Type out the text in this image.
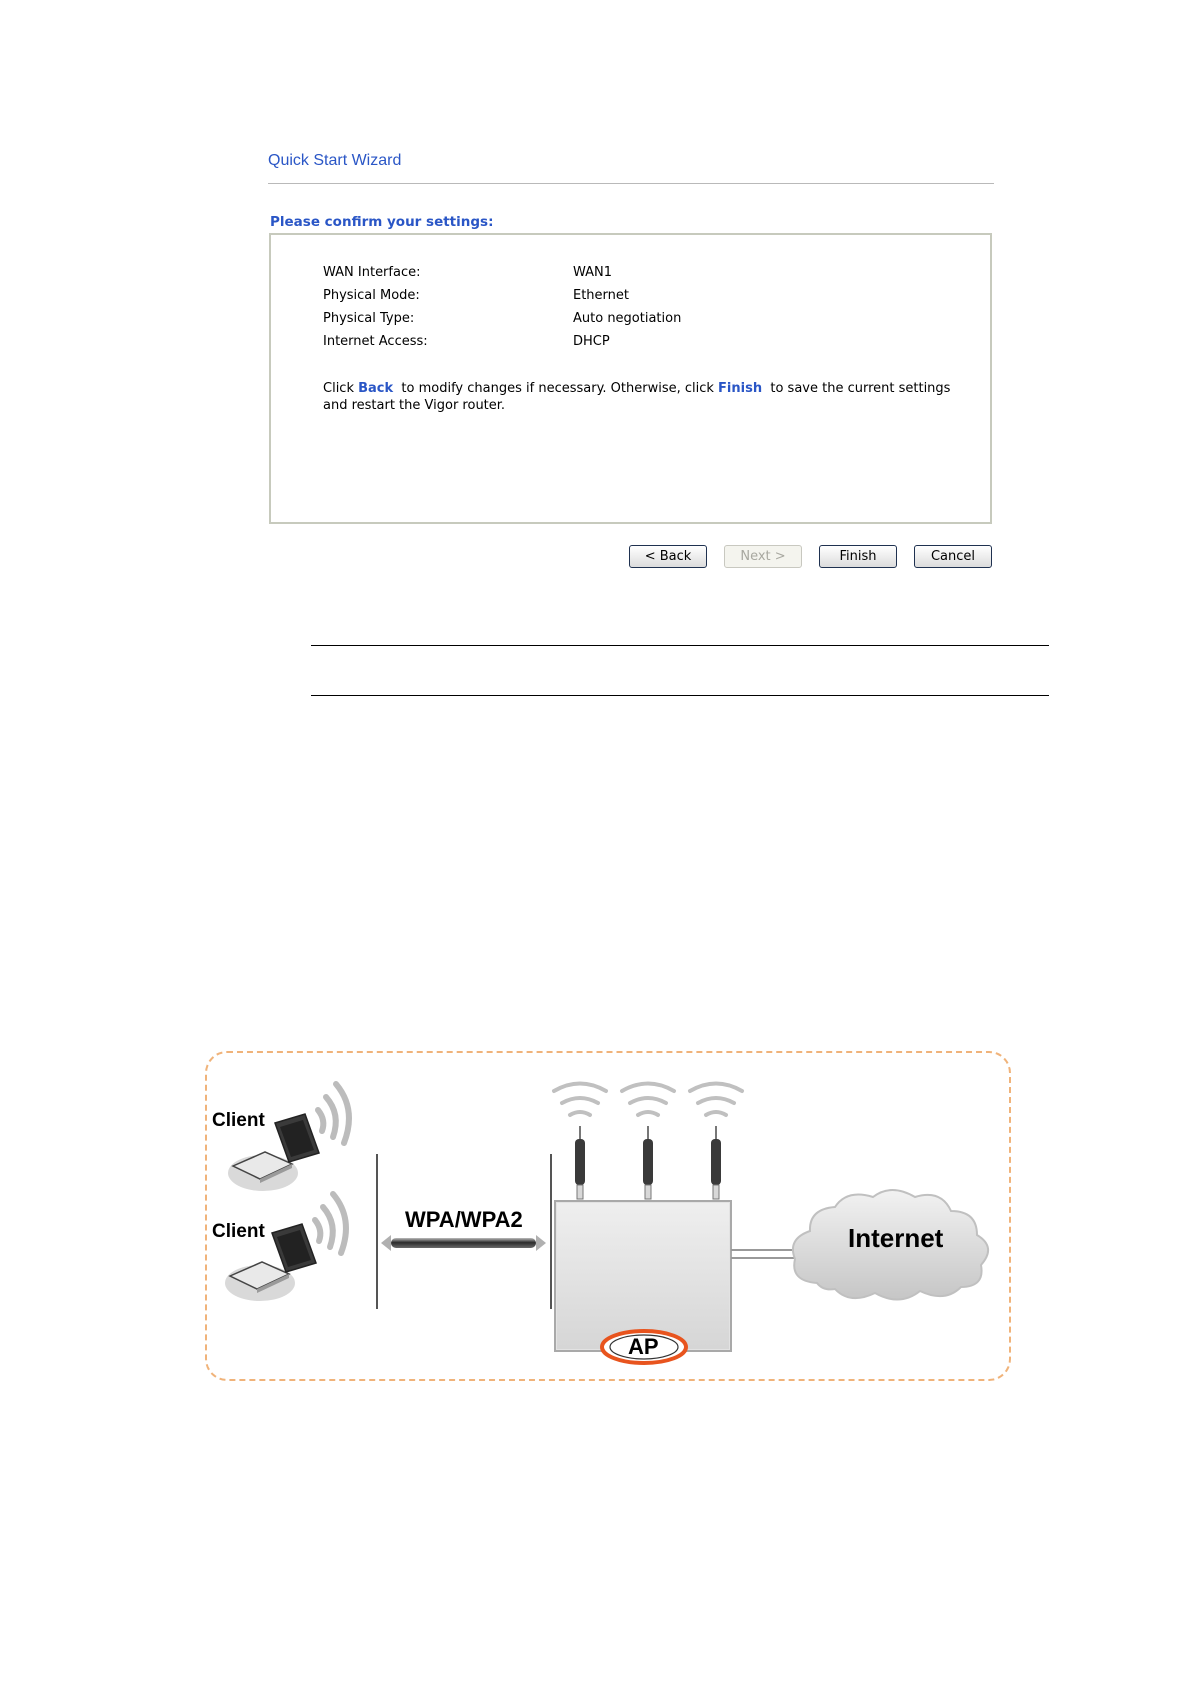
Quick Start Wizard
Please confirm your settings:
WAN Interface:	WAN1
Physical Mode:	Ethernet
Physical Type:	Auto negotiation
Internet Access:	DHCP
Click Back  to modify changes if necessary. Otherwise, click Finish  to save the current settings and restart the Vigor router.
< Back	Next >	Finish	Cancel
Client
Client	WPA/WPA2
Internet
AP
